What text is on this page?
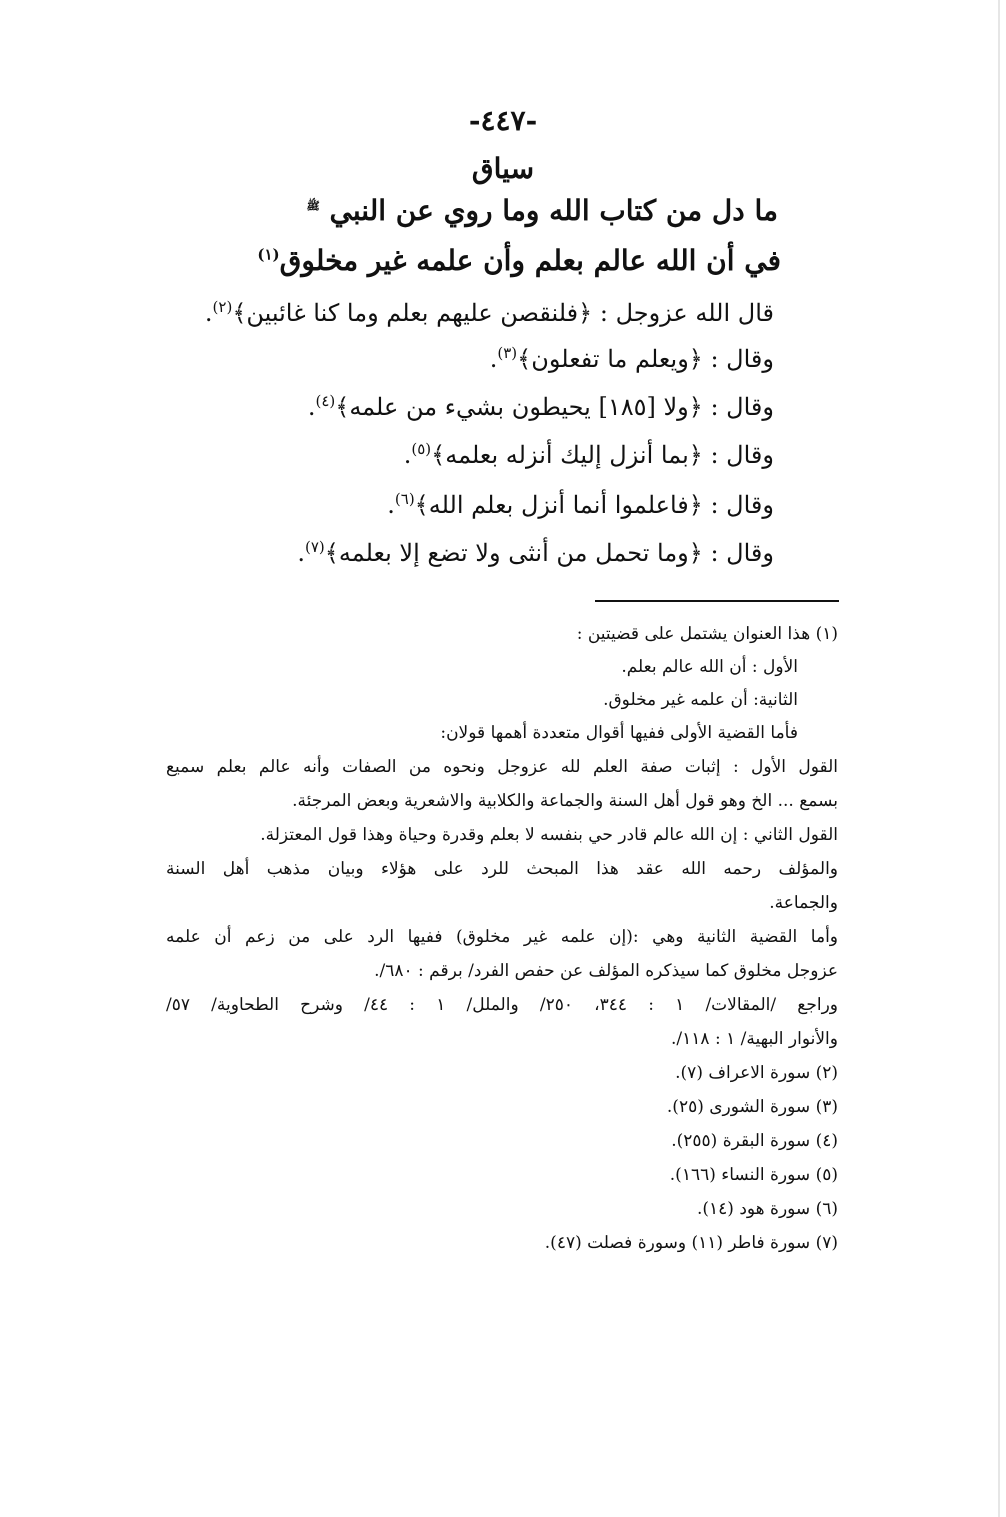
-٤٤٧-
سياق
ما دل من كتاب الله وما روي عن النبي $^ﷺ$
في أن الله عالم بعلم وأن علمه غير مخلوق$^{(١)}$
قال الله عزوجل : ﴿فلنقصن عليهم بعلم وما كنا غائبين﴾$^{(٢)}$.
وقال : ﴿ويعلم ما تفعلون﴾$^{(٣)}$.
وقال : ﴿ولا [١٨٥] يحيطون بشيء من علمه﴾$^{(٤)}$.
وقال : ﴿بما أنزل إليك أنزله بعلمه﴾$^{(٥)}$.
وقال : ﴿فاعلموا أنما أنزل بعلم الله﴾$^{(٦)}$.
وقال : ﴿وما تحمل من أنثى ولا تضع إلا بعلمه﴾$^{(٧)}$.
(١) هذا العنوان يشتمل على قضيتين :
الأول : أن الله عالم بعلم.
الثانية: أن علمه غير مخلوق.
فأما القضية الأولى ففيها أقوال متعددة أهمها قولان:
القول الأول : إثبات صفة العلم لله عزوجل ونحوه من الصفات وأنه عالم بعلم سميع
بسمع ... الخ وهو قول أهل السنة والجماعة والكلابية والاشعرية وبعض المرجئة.
القول الثاني : إن الله عالم قادر حي بنفسه لا بعلم وقدرة وحياة وهذا قول المعتزلة.
والمؤلف رحمه الله عقد هذا المبحث للرد على هؤلاء وبيان مذهب أهل السنة
والجماعة.
وأما القضية الثانية وهي :(إن علمه غير مخلوق) ففيها الرد على من زعم أن علمه
عزوجل مخلوق كما سيذكره المؤلف عن حفص الفرد/ برقم : ٦٨٠/.
وراجع /المقالات/ ١ : ٣٤٤، ٢٥٠/ والملل/ ١ : ٤٤/ وشرح الطحاوية/ ٥٧/
والأنوار البهية/ ١ : ١١٨/.
(٢) سورة الاعراف (٧).
(٣) سورة الشورى (٢٥).
(٤) سورة البقرة (٢٥٥).
(٥) سورة النساء (١٦٦).
(٦) سورة هود (١٤).
(٧) سورة فاطر (١١) وسورة فصلت (٤٧).
